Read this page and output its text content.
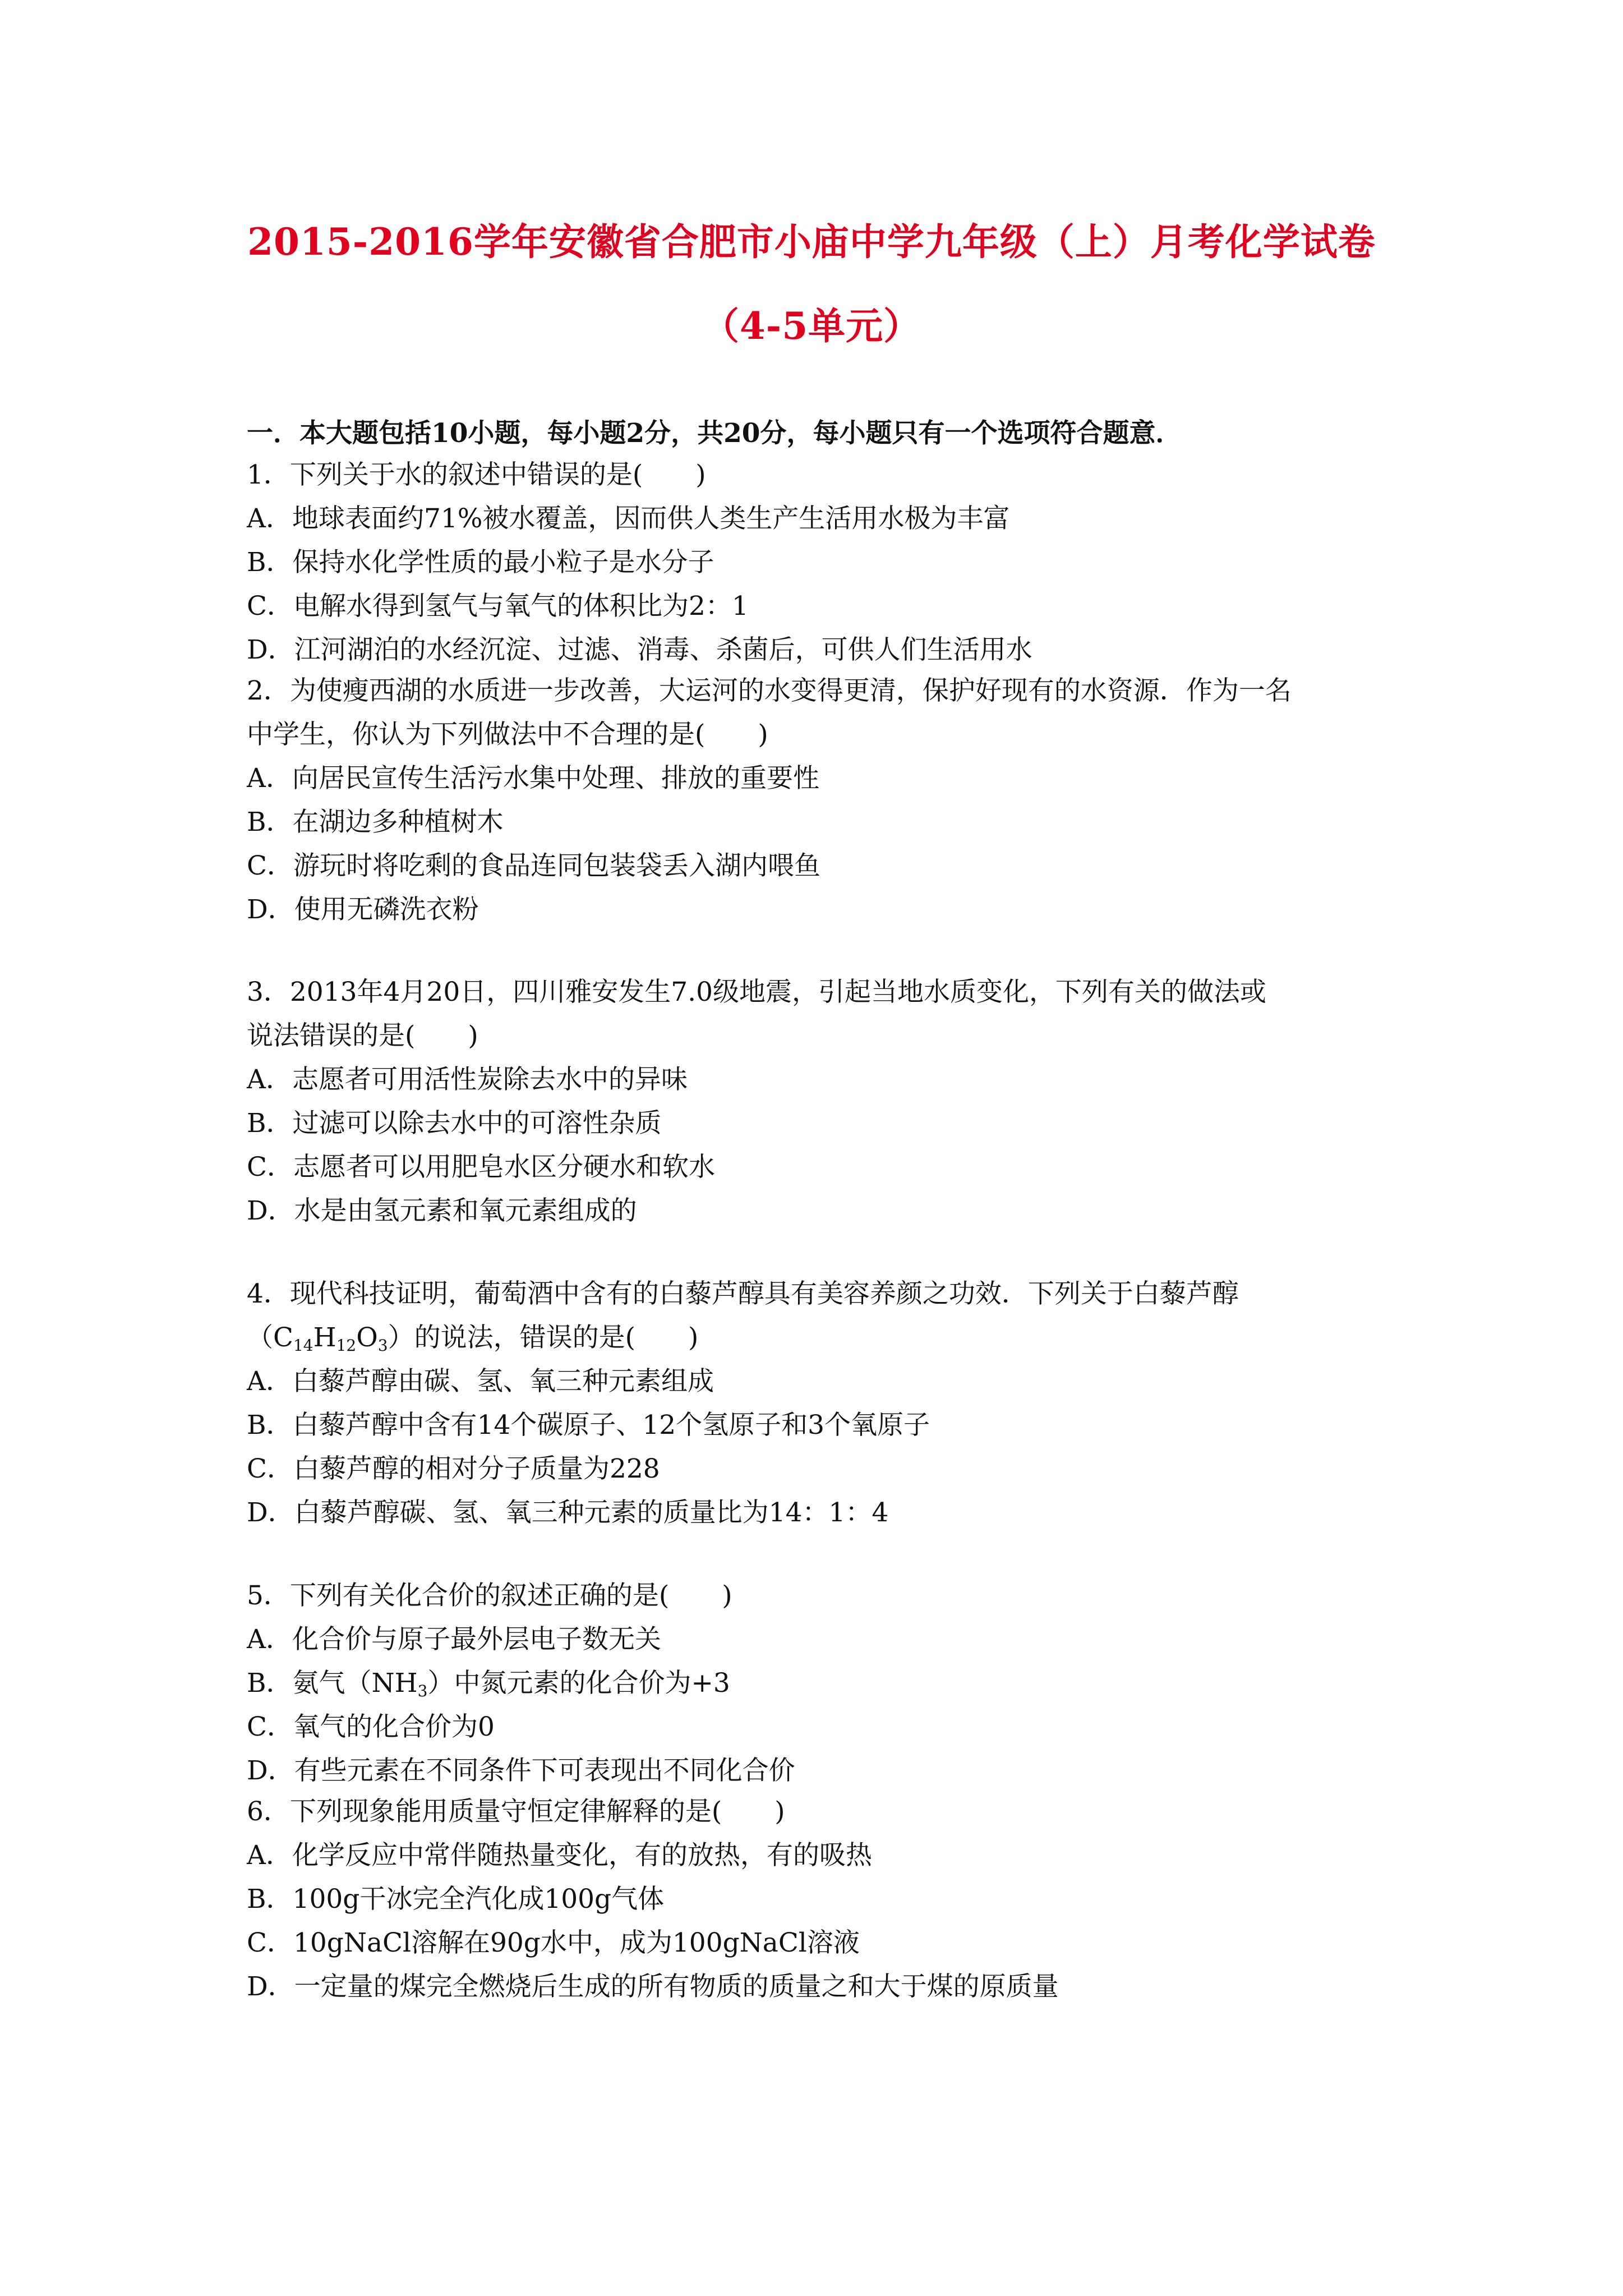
2015-2016学年安徽省合肥市小庙中学九年级（上）月考化学试卷
（4-5单元）
一．本大题包括10小题，每小题2分，共20分，每小题只有一个选项符合题意．
1．下列关于水的叙述中错误的是(　　)
A．地球表面约71%被水覆盖，因而供人类生产生活用水极为丰富
B．保持水化学性质的最小粒子是水分子
C．电解水得到氢气与氧气的体积比为2：1
D．江河湖泊的水经沉淀、过滤、消毒、杀菌后，可供人们生活用水
2．为使瘦西湖的水质进一步改善，大运河的水变得更清，保护好现有的水资源．作为一名
中学生，你认为下列做法中不合理的是(　　)
A．向居民宣传生活污水集中处理、排放的重要性
B．在湖边多种植树木
C．游玩时将吃剩的食品连同包装袋丢入湖内喂鱼
D．使用无磷洗衣粉
3．2013年4月20日，四川雅安发生7.0级地震，引起当地水质变化，下列有关的做法或
说法错误的是(　　)
A．志愿者可用活性炭除去水中的异味
B．过滤可以除去水中的可溶性杂质
C．志愿者可以用肥皂水区分硬水和软水
D．水是由氢元素和氧元素组成的
4．现代科技证明，葡萄酒中含有的白藜芦醇具有美容养颜之功效．下列关于白藜芦醇
$(C_{14}H_{12}O_3)$的说法，错误的是(　　)
A．白藜芦醇由碳、氢、氧三种元素组成
B．白藜芦醇中含有14个碳原子、12个氢原子和3个氧原子
C．白藜芦醇的相对分子质量为228
D．白藜芦醇碳、氢、氧三种元素的质量比为14：1：4
5．下列有关化合价的叙述正确的是(　　)
A．化合价与原子最外层电子数无关
B．氨气$(NH_3)$中氮元素的化合价为+3
C．氧气的化合价为0
D．有些元素在不同条件下可表现出不同化合价
6．下列现象能用质量守恒定律解释的是(　　)
A．化学反应中常伴随热量变化，有的放热，有的吸热
B．100g干冰完全汽化成100g气体
C．10gNaCl溶解在90g水中，成为100gNaCl溶液
D．一定量的煤完全燃烧后生成的所有物质的质量之和大于煤的原质量
